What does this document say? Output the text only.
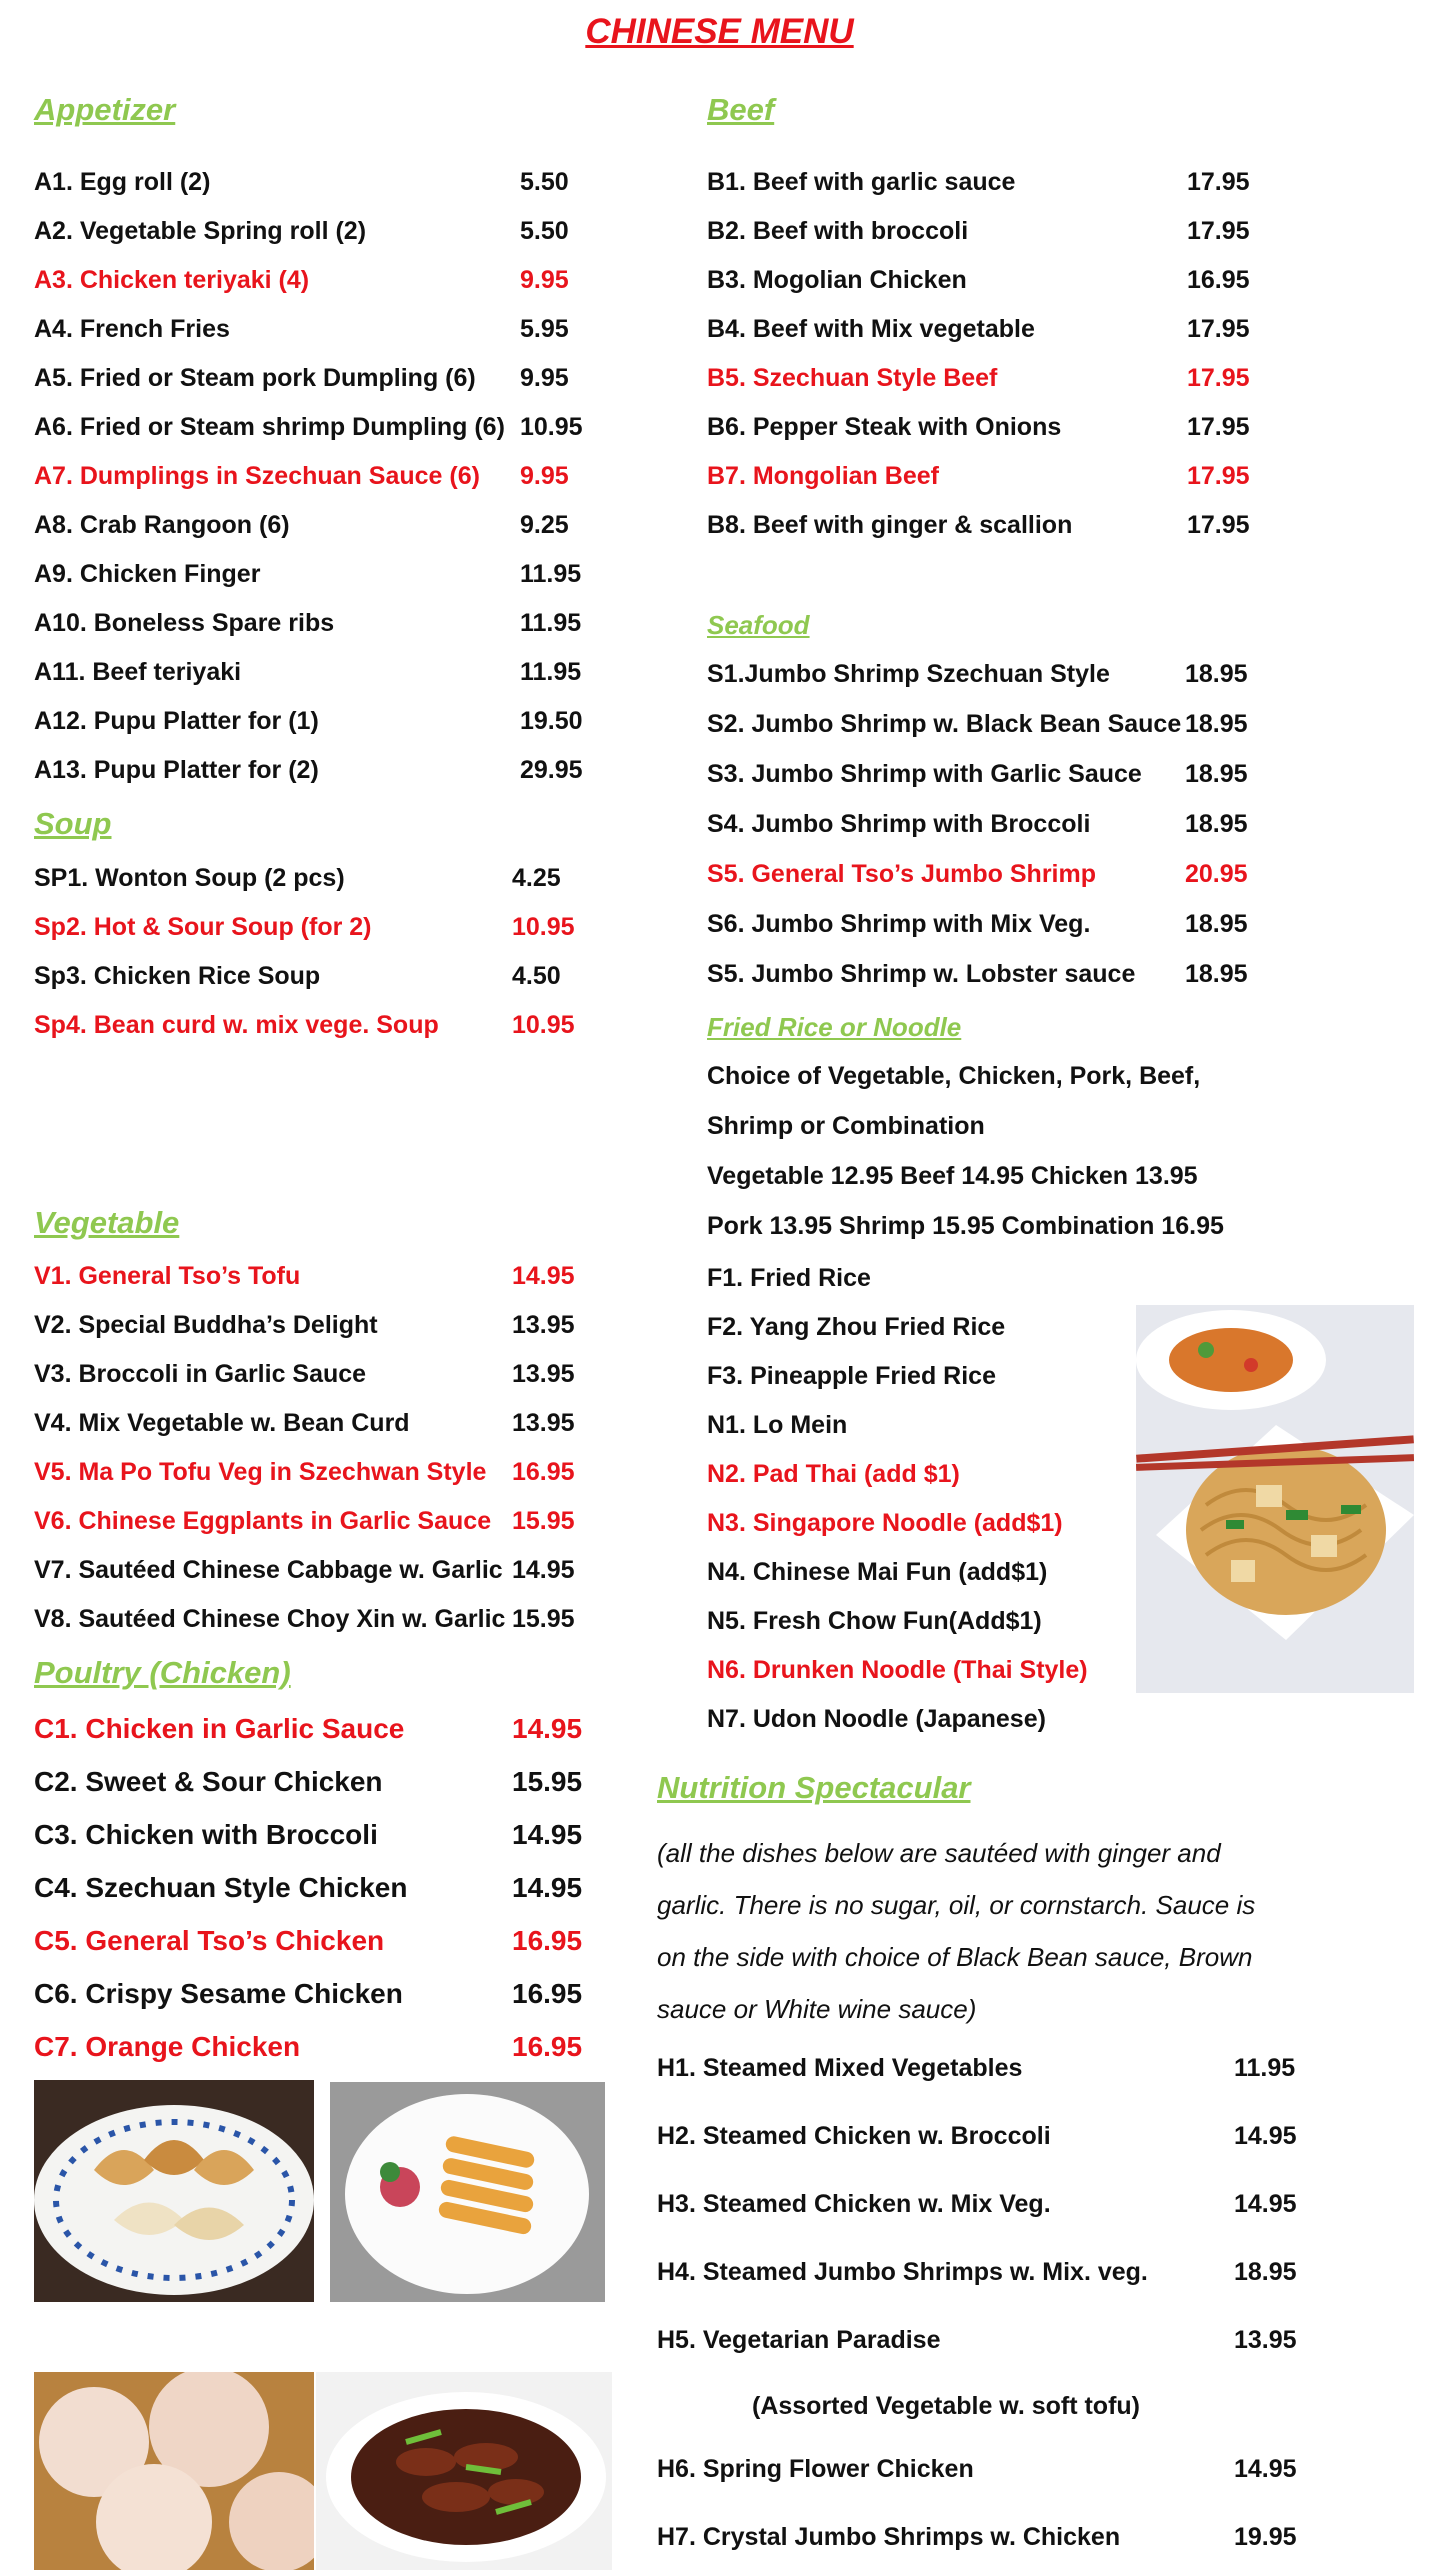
CHINESE MENU
Appetizer
A1. Egg roll (2)	5.50
A2. Vegetable Spring roll (2)	5.50
A3. Chicken teriyaki (4)	9.95
A4. French Fries	5.95
A5. Fried or Steam pork Dumpling (6) 9.95
A6. Fried or Steam shrimp Dumpling (6) 10.95
A7. Dumplings in Szechuan Sauce (6) 9.95
A8. Crab Rangoon (6)	9.25
A9. Chicken Finger	11.95
A10. Boneless Spare ribs	11.95
A11. Beef teriyaki	11.95
A12. Pupu Platter for (1)	19.50
A13. Pupu Platter for (2)	29.95
Soup
SP1. Wonton Soup (2 pcs)	4.25
Sp2. Hot & Sour Soup (for 2)	10.95
Sp3. Chicken Rice Soup	4.50
Sp4. Bean curd w. mix vege. Soup	10.95
Vegetable
V1. General Tso’s Tofu	14.95
V2. Special Buddha’s Delight	13.95
V3. Broccoli in Garlic Sauce	13.95
V4. Mix Vegetable w. Bean Curd	13.95
V5. Ma Po Tofu Veg in Szechwan Style 16.95
V6. Chinese Eggplants in Garlic Sauce 15.95
V7. Sautéed Chinese Cabbage w. Garlic 14.95
V8. Sautéed Chinese Choy Xin w. Garlic 15.95
Poultry (Chicken)
C1. Chicken in Garlic Sauce	14.95
C2. Sweet & Sour Chicken	15.95
C3. Chicken with Broccoli	14.95
C4. Szechuan Style Chicken	14.95
C5. General Tso’s Chicken	16.95
C6. Crispy Sesame Chicken	16.95
C7. Orange Chicken	16.95
Beef
B1. Beef with garlic sauce	17.95
B2. Beef with broccoli	17.95
B3. Mogolian Chicken	16.95
B4. Beef with Mix vegetable	17.95
B5. Szechuan Style Beef	17.95
B6. Pepper Steak with Onions	17.95
B7. Mongolian Beef	17.95
B8. Beef with ginger & scallion	17.95
Seafood
S1.Jumbo Shrimp Szechuan Style	18.95
S2. Jumbo Shrimp w. Black Bean Sauce 18.95
S3. Jumbo Shrimp with Garlic Sauce 18.95
S4. Jumbo Shrimp with Broccoli	18.95
S5. General Tso’s Jumbo Shrimp	20.95
S6. Jumbo Shrimp with Mix Veg.	18.95
S5. Jumbo Shrimp w. Lobster sauce 18.95
Fried Rice or Noodle
Choice of Vegetable, Chicken, Pork, Beef,
Shrimp or Combination
Vegetable 12.95 Beef 14.95 Chicken 13.95
Pork 13.95 Shrimp 15.95 Combination 16.95
F1. Fried Rice
F2. Yang Zhou Fried Rice
F3. Pineapple Fried Rice
N1. Lo Mein
N2. Pad Thai (add $1)
N3. Singapore Noodle (add$1)
N4. Chinese Mai Fun (add$1)
N5. Fresh Chow Fun(Add$1)
N6. Drunken Noodle (Thai Style)
N7. Udon Noodle (Japanese)
Nutrition Spectacular
(all the dishes below are sautéed with ginger and
garlic. There is no sugar, oil, or cornstarch. Sauce is
on the side with choice of Black Bean sauce, Brown
sauce or White wine sauce)
H1. Steamed Mixed Vegetables	11.95
H2. Steamed Chicken w. Broccoli	14.95
H3. Steamed Chicken w. Mix Veg.	14.95
H4. Steamed Jumbo Shrimps w. Mix. veg.	18.95
H5. Vegetarian Paradise	13.95
H6. Spring Flower Chicken	14.95
H7. Crystal Jumbo Shrimps w. Chicken	19.95
(Assorted Vegetable w. soft tofu)
